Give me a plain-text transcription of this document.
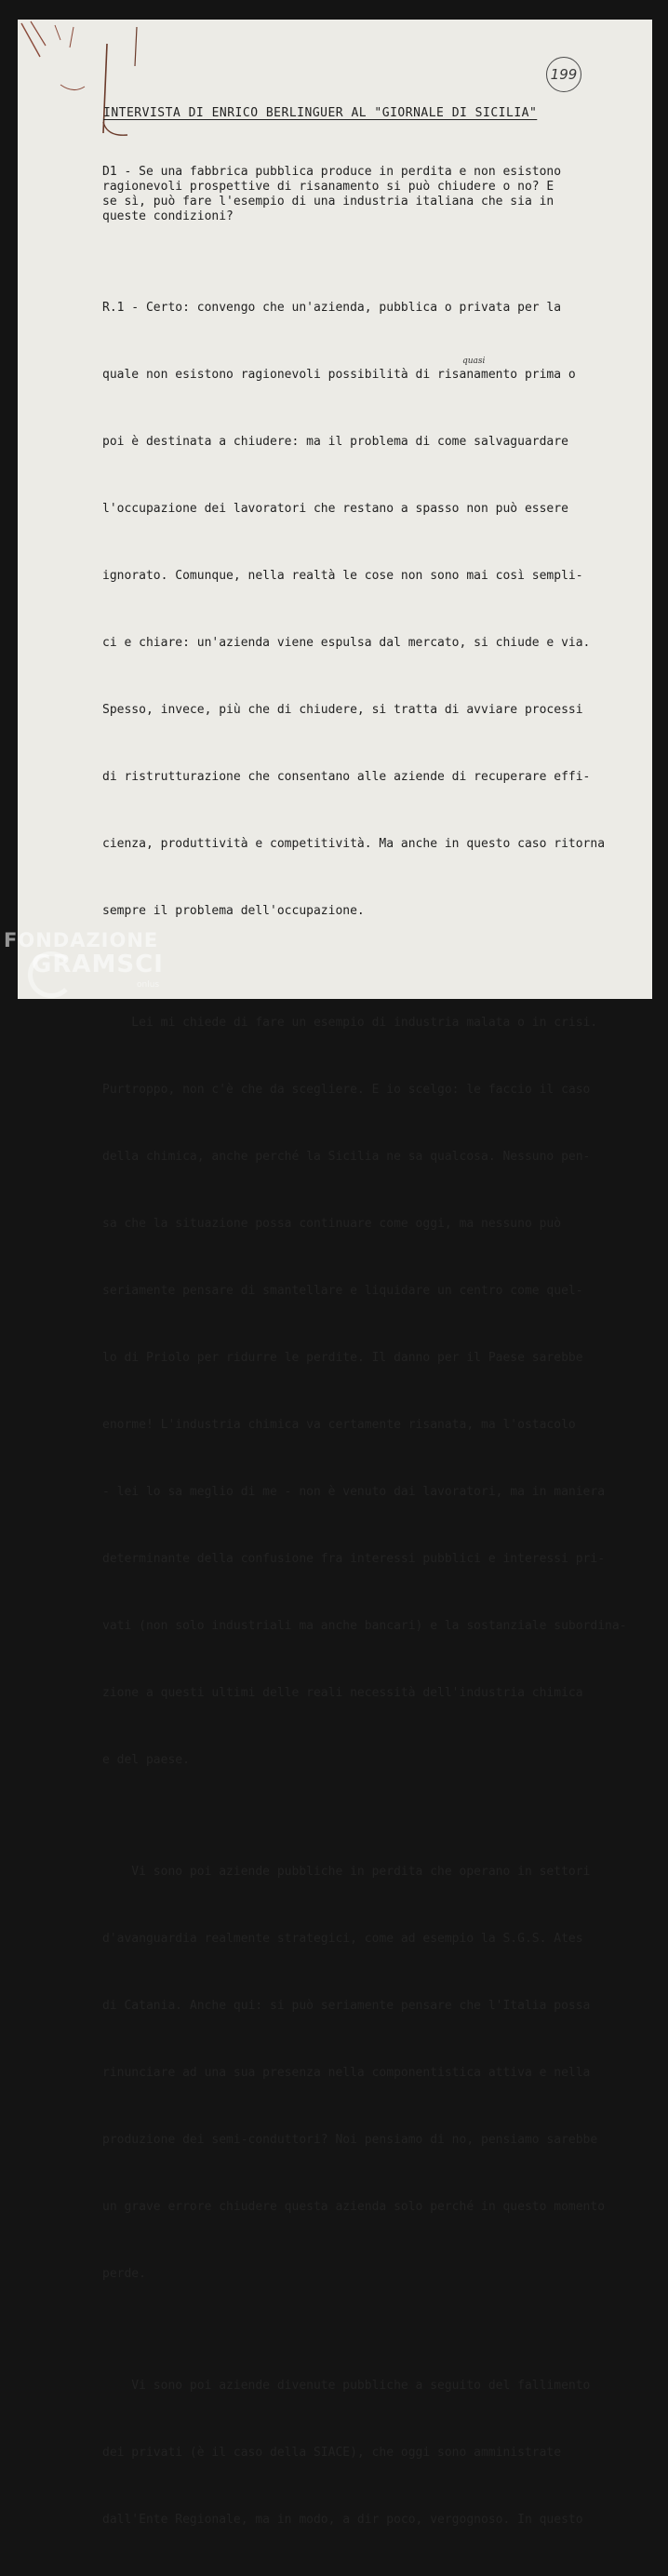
199
INTERVISTA DI ENRICO BERLINGUER AL "GIORNALE DI SICILIA"
D1 - Se una fabbrica pubblica produce in perdita e non esistono
ragionevoli prospettive di risanamento si può chiudere o no? E
se sì, può fare l'esempio di una industria italiana che sia in
queste condizioni?
quasi

R.1 - Certo: convengo che un'azienda, pubblica o privata per la

quale non esistono ragionevoli possibilità di risanamento prima o

poi è destinata a chiudere: ma il problema di come salvaguardare

l'occupazione dei lavoratori che restano a spasso non può essere

ignorato. Comunque, nella realtà le cose non sono mai così sempli-

ci e chiare: un'azienda viene espulsa dal mercato, si chiude e via.

Spesso, invece, più che di chiudere, si tratta di avviare processi

di ristrutturazione che consentano alle aziende di recuperare effi-

cienza, produttività e competitività. Ma anche in questo caso ritorna

sempre il problema dell'occupazione.

Lei mi chiede di fare un esempio di industria malata o in crisi.

Purtroppo, non c'è che da scegliere. E io scelgo: le faccio il caso

della chimica, anche perché la Sicilia ne sa qualcosa. Nessuno pen-

sa che la situazione possa continuare come oggi, ma nessuno può

seriamente pensare di smantellare e liquidare un centro come quel-

lo di Priolo per ridurre le perdite. Il danno per il Paese sarebbe

enorme! L'industria chimica va certamente risanata, ma l'ostacolo

- lei lo sa meglio di me - non è venuto dai lavoratori, ma in maniera

determinante della confusione fra interessi pubblici e interessi pri-

vati (non solo industriali ma anche bancari) e la sostanziale subordina-

zione a questi ultimi delle reali necessità dell'industria chimica

e del paese.

Vi sono poi aziende pubbliche in perdita che operano in settori

d'avanguardia realmente strategici, come ad esempio la S.G.S. Ates

di Catania. Anche qui: si può seriamente pensare che l'Italia possa

rinunciare ad una sua presenza nella componentistica attiva e nella

produzione dei semi-conduttori? Noi pensiamo di no, pensiamo sarebbe

un grave errore chiudere questa azienda solo perché in questo momento

perde.

Vi sono poi aziende divenute pubbliche a seguito del fallimento

dei privati (è il caso della SIACE), che oggi sono amministrate

dall'Ente Regionale, ma in modo, a dir poco, vergognoso. In questo

FONDAZIONE
GRAMSCI
onlus
